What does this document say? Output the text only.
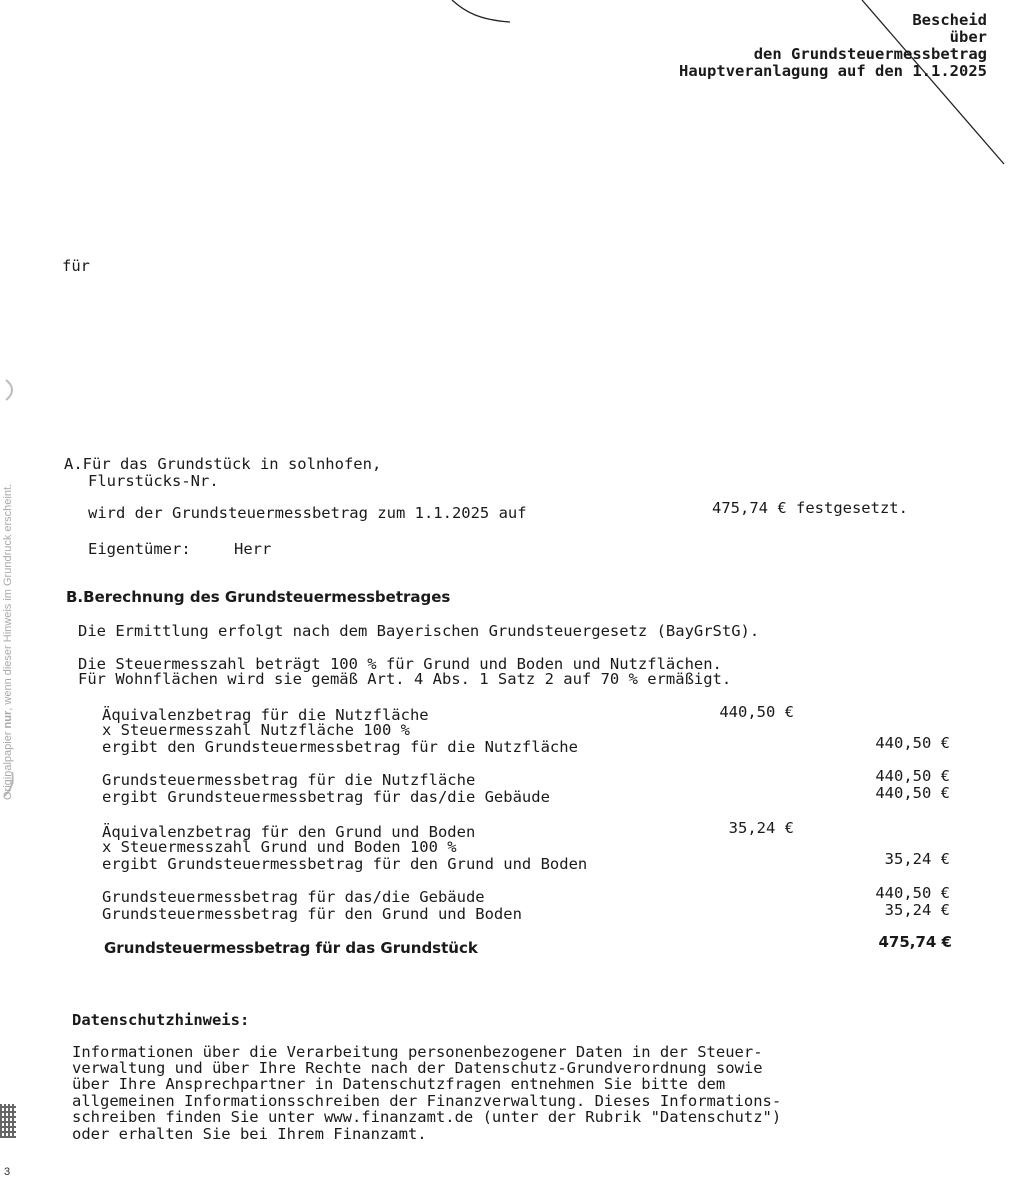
Bescheid
über
den Grundsteuermessbetrag
Hauptveranlagung auf den 1.1.2025
für
Originalpapier nur, wenn dieser Hinweis im Grundruck erscheint.
3
A.Für das Grundstück in solnhofen,
Flurstücks-Nr.
wird der Grundsteuermessbetrag zum 1.1.2025 auf	475,74 € festgesetzt.
Eigentümer:	Herr
B.Berechnung des Grundsteuermessbetrages
Die Ermittlung erfolgt nach dem Bayerischen Grundsteuergesetz (BayGrStG).
Die Steuermesszahl beträgt 100 % für Grund und Boden und Nutzflächen.
Für Wohnflächen wird sie gemäß Art. 4 Abs. 1 Satz 2 auf 70 % ermäßigt.
Äquivalenzbetrag für die Nutzfläche	440,50 €
x Steuermesszahl Nutzfläche 100 %
ergibt den Grundsteuermessbetrag für die Nutzfläche	440,50 €
Grundsteuermessbetrag für die Nutzfläche	440,50 €
ergibt Grundsteuermessbetrag für das/die Gebäude	440,50 €
Äquivalenzbetrag für den Grund und Boden	35,24 €
x Steuermesszahl Grund und Boden 100 %
ergibt Grundsteuermessbetrag für den Grund und Boden	35,24 €
Grundsteuermessbetrag für das/die Gebäude	440,50 €
Grundsteuermessbetrag für den Grund und Boden	35,24 €
Grundsteuermessbetrag für das Grundstück	475,74 €
Datenschutzhinweis:
Informationen über die Verarbeitung personenbezogener Daten in der Steuer-
verwaltung und über Ihre Rechte nach der Datenschutz-Grundverordnung sowie
über Ihre Ansprechpartner in Datenschutzfragen entnehmen Sie bitte dem
allgemeinen Informationsschreiben der Finanzverwaltung. Dieses Informations-
schreiben finden Sie unter www.finanzamt.de (unter der Rubrik "Datenschutz")
oder erhalten Sie bei Ihrem Finanzamt.
